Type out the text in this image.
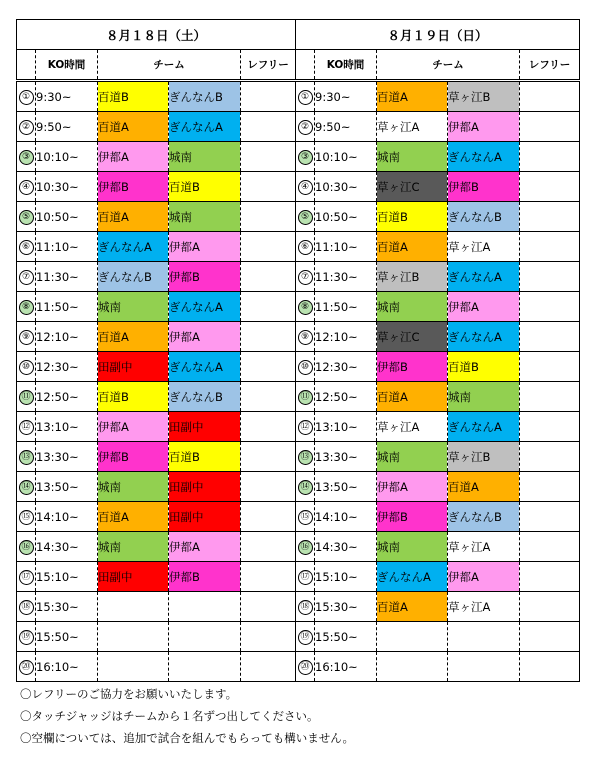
８月１８日（土）					８月１９日（日）				
	KO時間	チーム		レフリー		KO時間	チーム		レフリー
①	9:30~	百道B	ぎんなんB		①	9:30~	百道A	草ヶ江B	
②	9:50~	百道A	ぎんなんA		②	9:50~	草ヶ江A	伊都A	
③	10:10~	伊都A	城南		③	10:10~	城南	ぎんなんA	
④	10:30~	伊都B	百道B		④	10:30~	草ヶ江C	伊都B	
⑤	10:50~	百道A	城南		⑤	10:50~	百道B	ぎんなんB	
⑥	11:10~	ぎんなんA	伊都A		⑥	11:10~	百道A	草ヶ江A	
⑦	11:30~	ぎんなんB	伊都B		⑦	11:30~	草ヶ江B	ぎんなんA	
⑧	11:50~	城南	ぎんなんA		⑧	11:50~	城南	伊都A	
⑨	12:10~	百道A	伊都A		⑨	12:10~	草ヶ江C	ぎんなんA	
⑩	12:30~	田副中	ぎんなんA		⑩	12:30~	伊都B	百道B	
⑪	12:50~	百道B	ぎんなんB		⑪	12:50~	百道A	城南	
⑫	13:10~	伊都A	田副中		⑫	13:10~	草ヶ江A	ぎんなんA	
⑬	13:30~	伊都B	百道B		⑬	13:30~	城南	草ヶ江B	
⑭	13:50~	城南	田副中		⑭	13:50~	伊都A	百道A	
⑮	14:10~	百道A	田副中		⑮	14:10~	伊都B	ぎんなんB	
⑯	14:30~	城南	伊都A		⑯	14:30~	城南	草ヶ江A	
⑰	15:10~	田副中	伊都B		⑰	15:10~	ぎんなんA	伊都A	
⑱	15:30~				⑱	15:30~	百道A	草ヶ江A	
⑲	15:50~				⑲	15:50~			
⑳	16:10~				⑳	16:10~			
〇レフリーのご協力をお願いいたします。
〇タッチジャッジはチームから１名ずつ出してください。
〇空欄については、追加で試合を組んでもらっても構いません。
